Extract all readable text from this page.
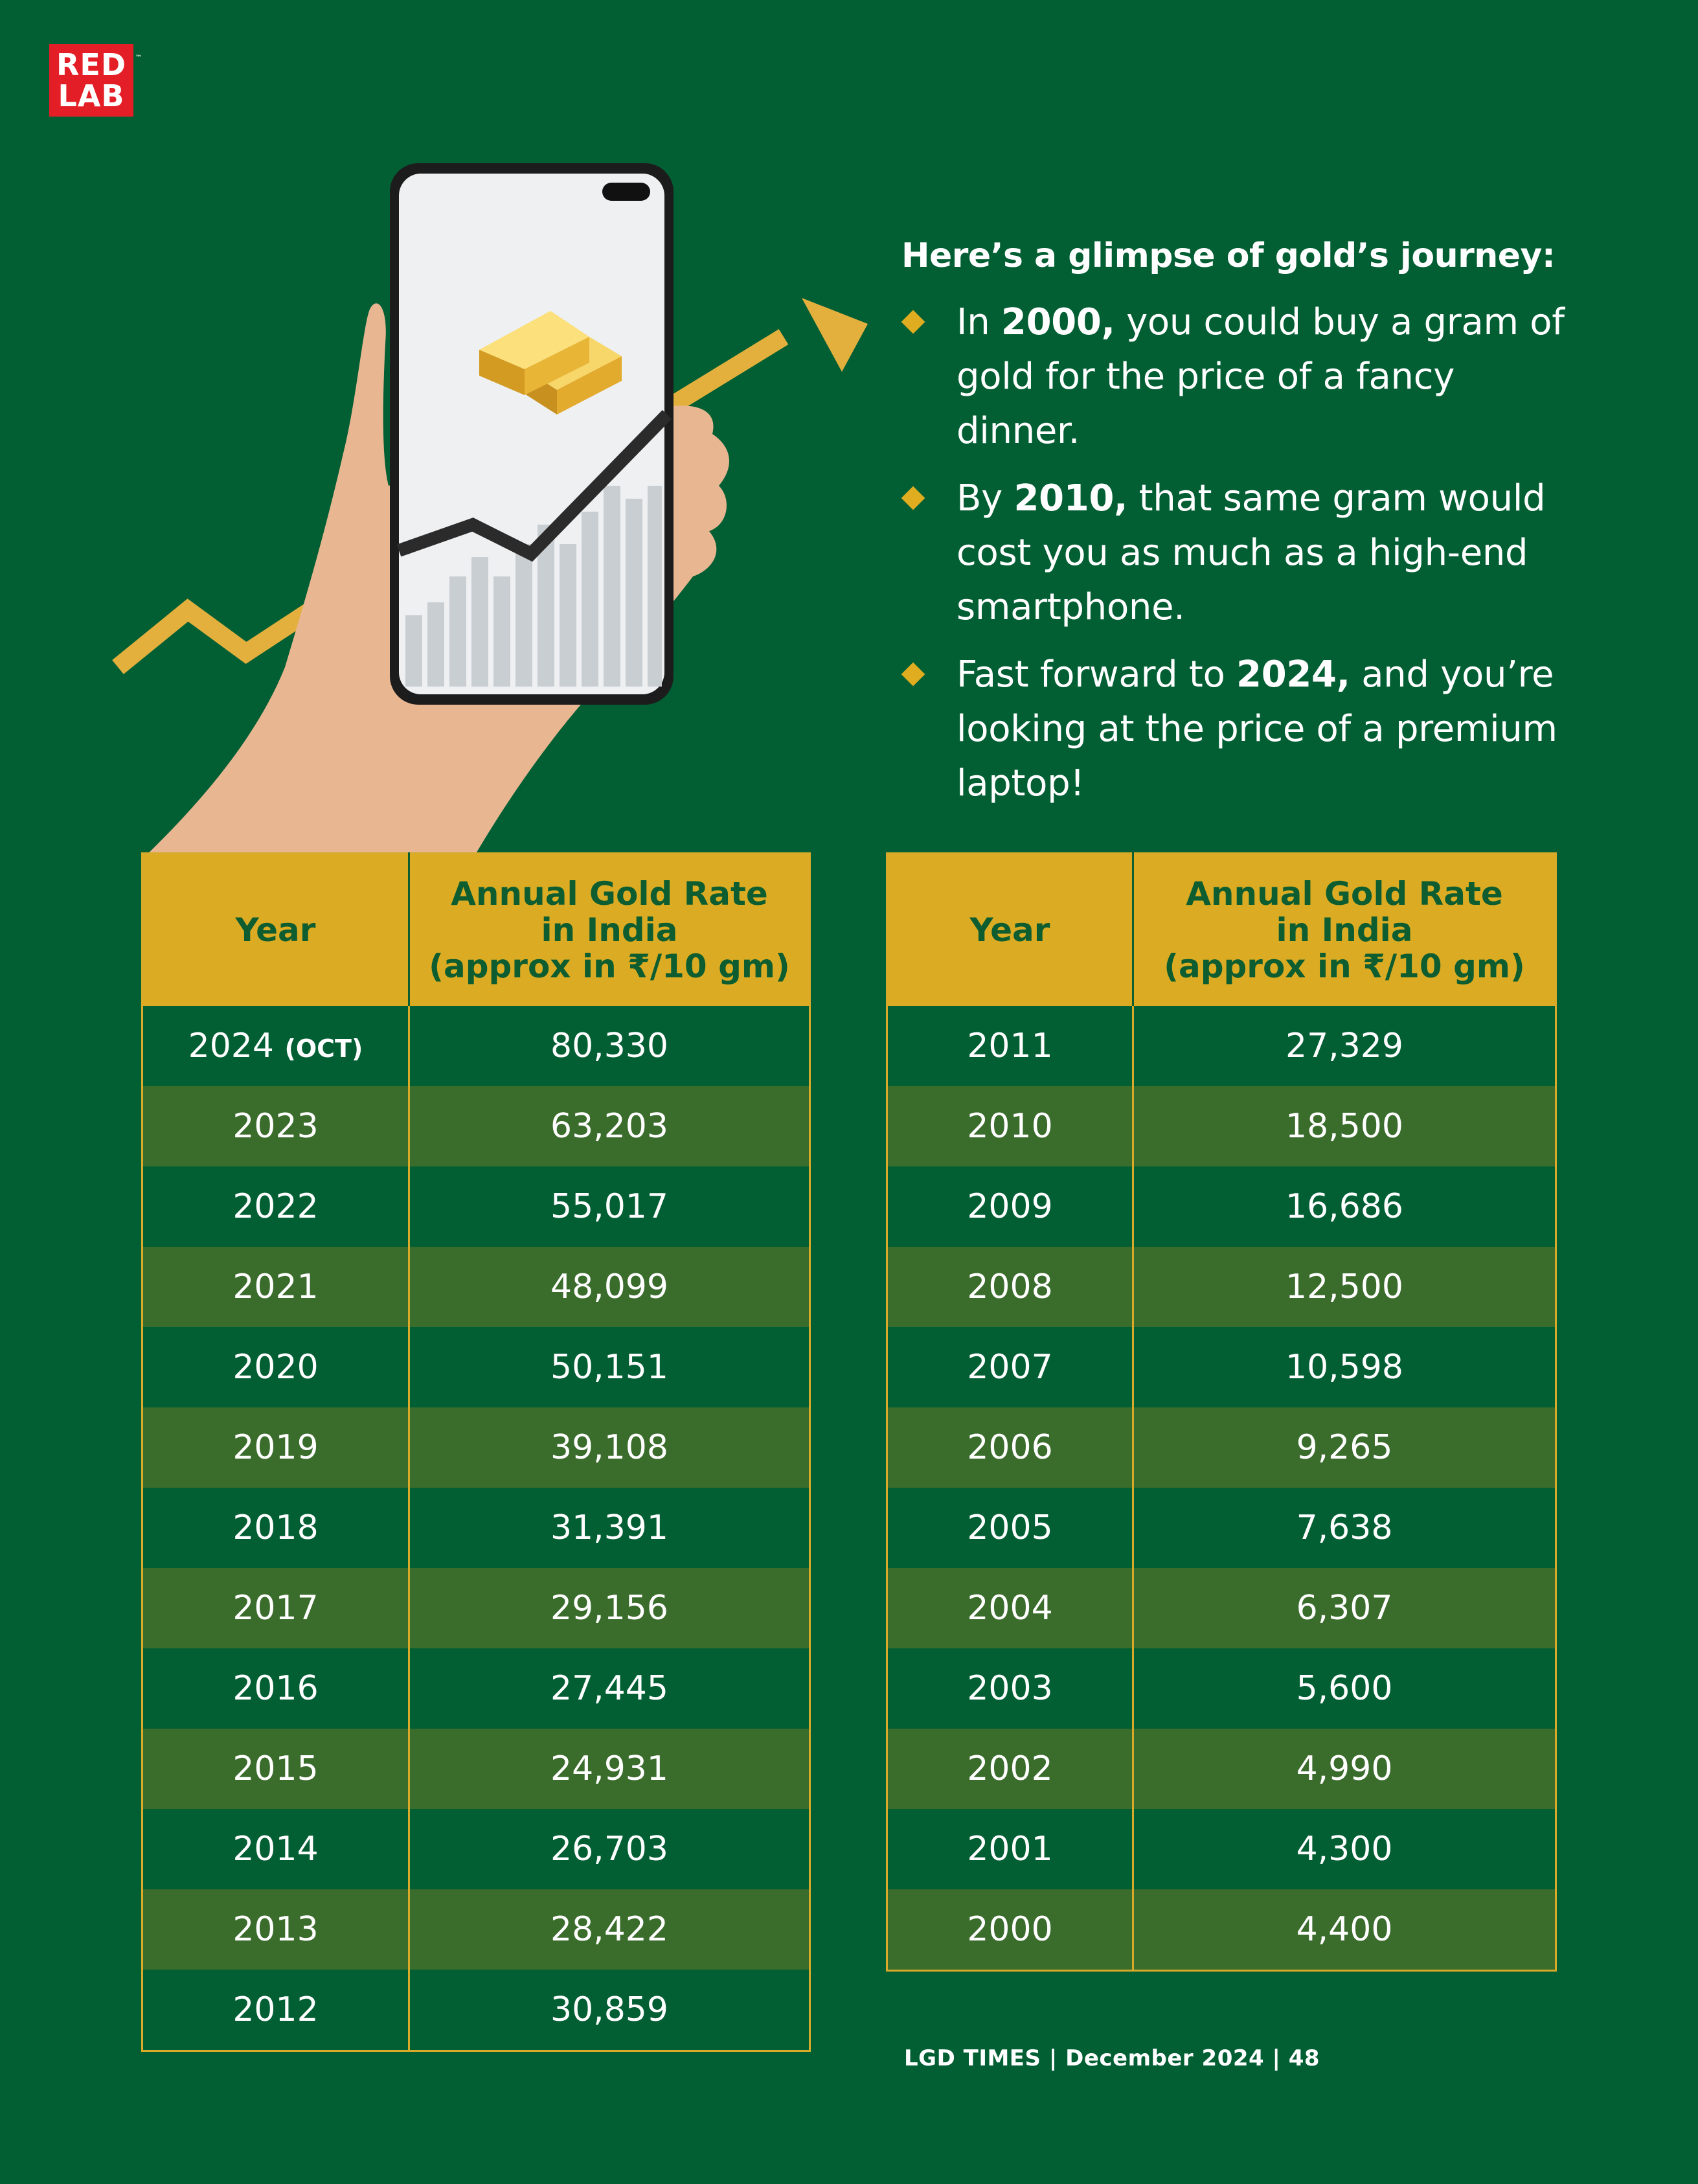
RED
LAB
™
Here’s a glimpse of gold’s journey:
In 2000, you could buy a gram of gold for the price of a fancy dinner.
By 2010, that same gram would cost you as much as a high-end smartphone.
Fast forward to 2024, and you’re looking at the price of a premium laptop!
Year	Annual Gold Rate
in India
(approx in ₹/10 gm)
2024 (OCT)	80,330
2023	63,203
2022	55,017
2021	48,099
2020	50,151
2019	39,108
2018	31,391
2017	29,156
2016	27,445
2015	24,931
2014	26,703
2013	28,422
2012	30,859
Year	Annual Gold Rate
in India
(approx in ₹/10 gm)
2011	27,329
2010	18,500
2009	16,686
2008	12,500
2007	10,598
2006	9,265
2005	7,638
2004	6,307
2003	5,600
2002	4,990
2001	4,300
2000	4,400
LGD TIMES | December 2024 | 48
